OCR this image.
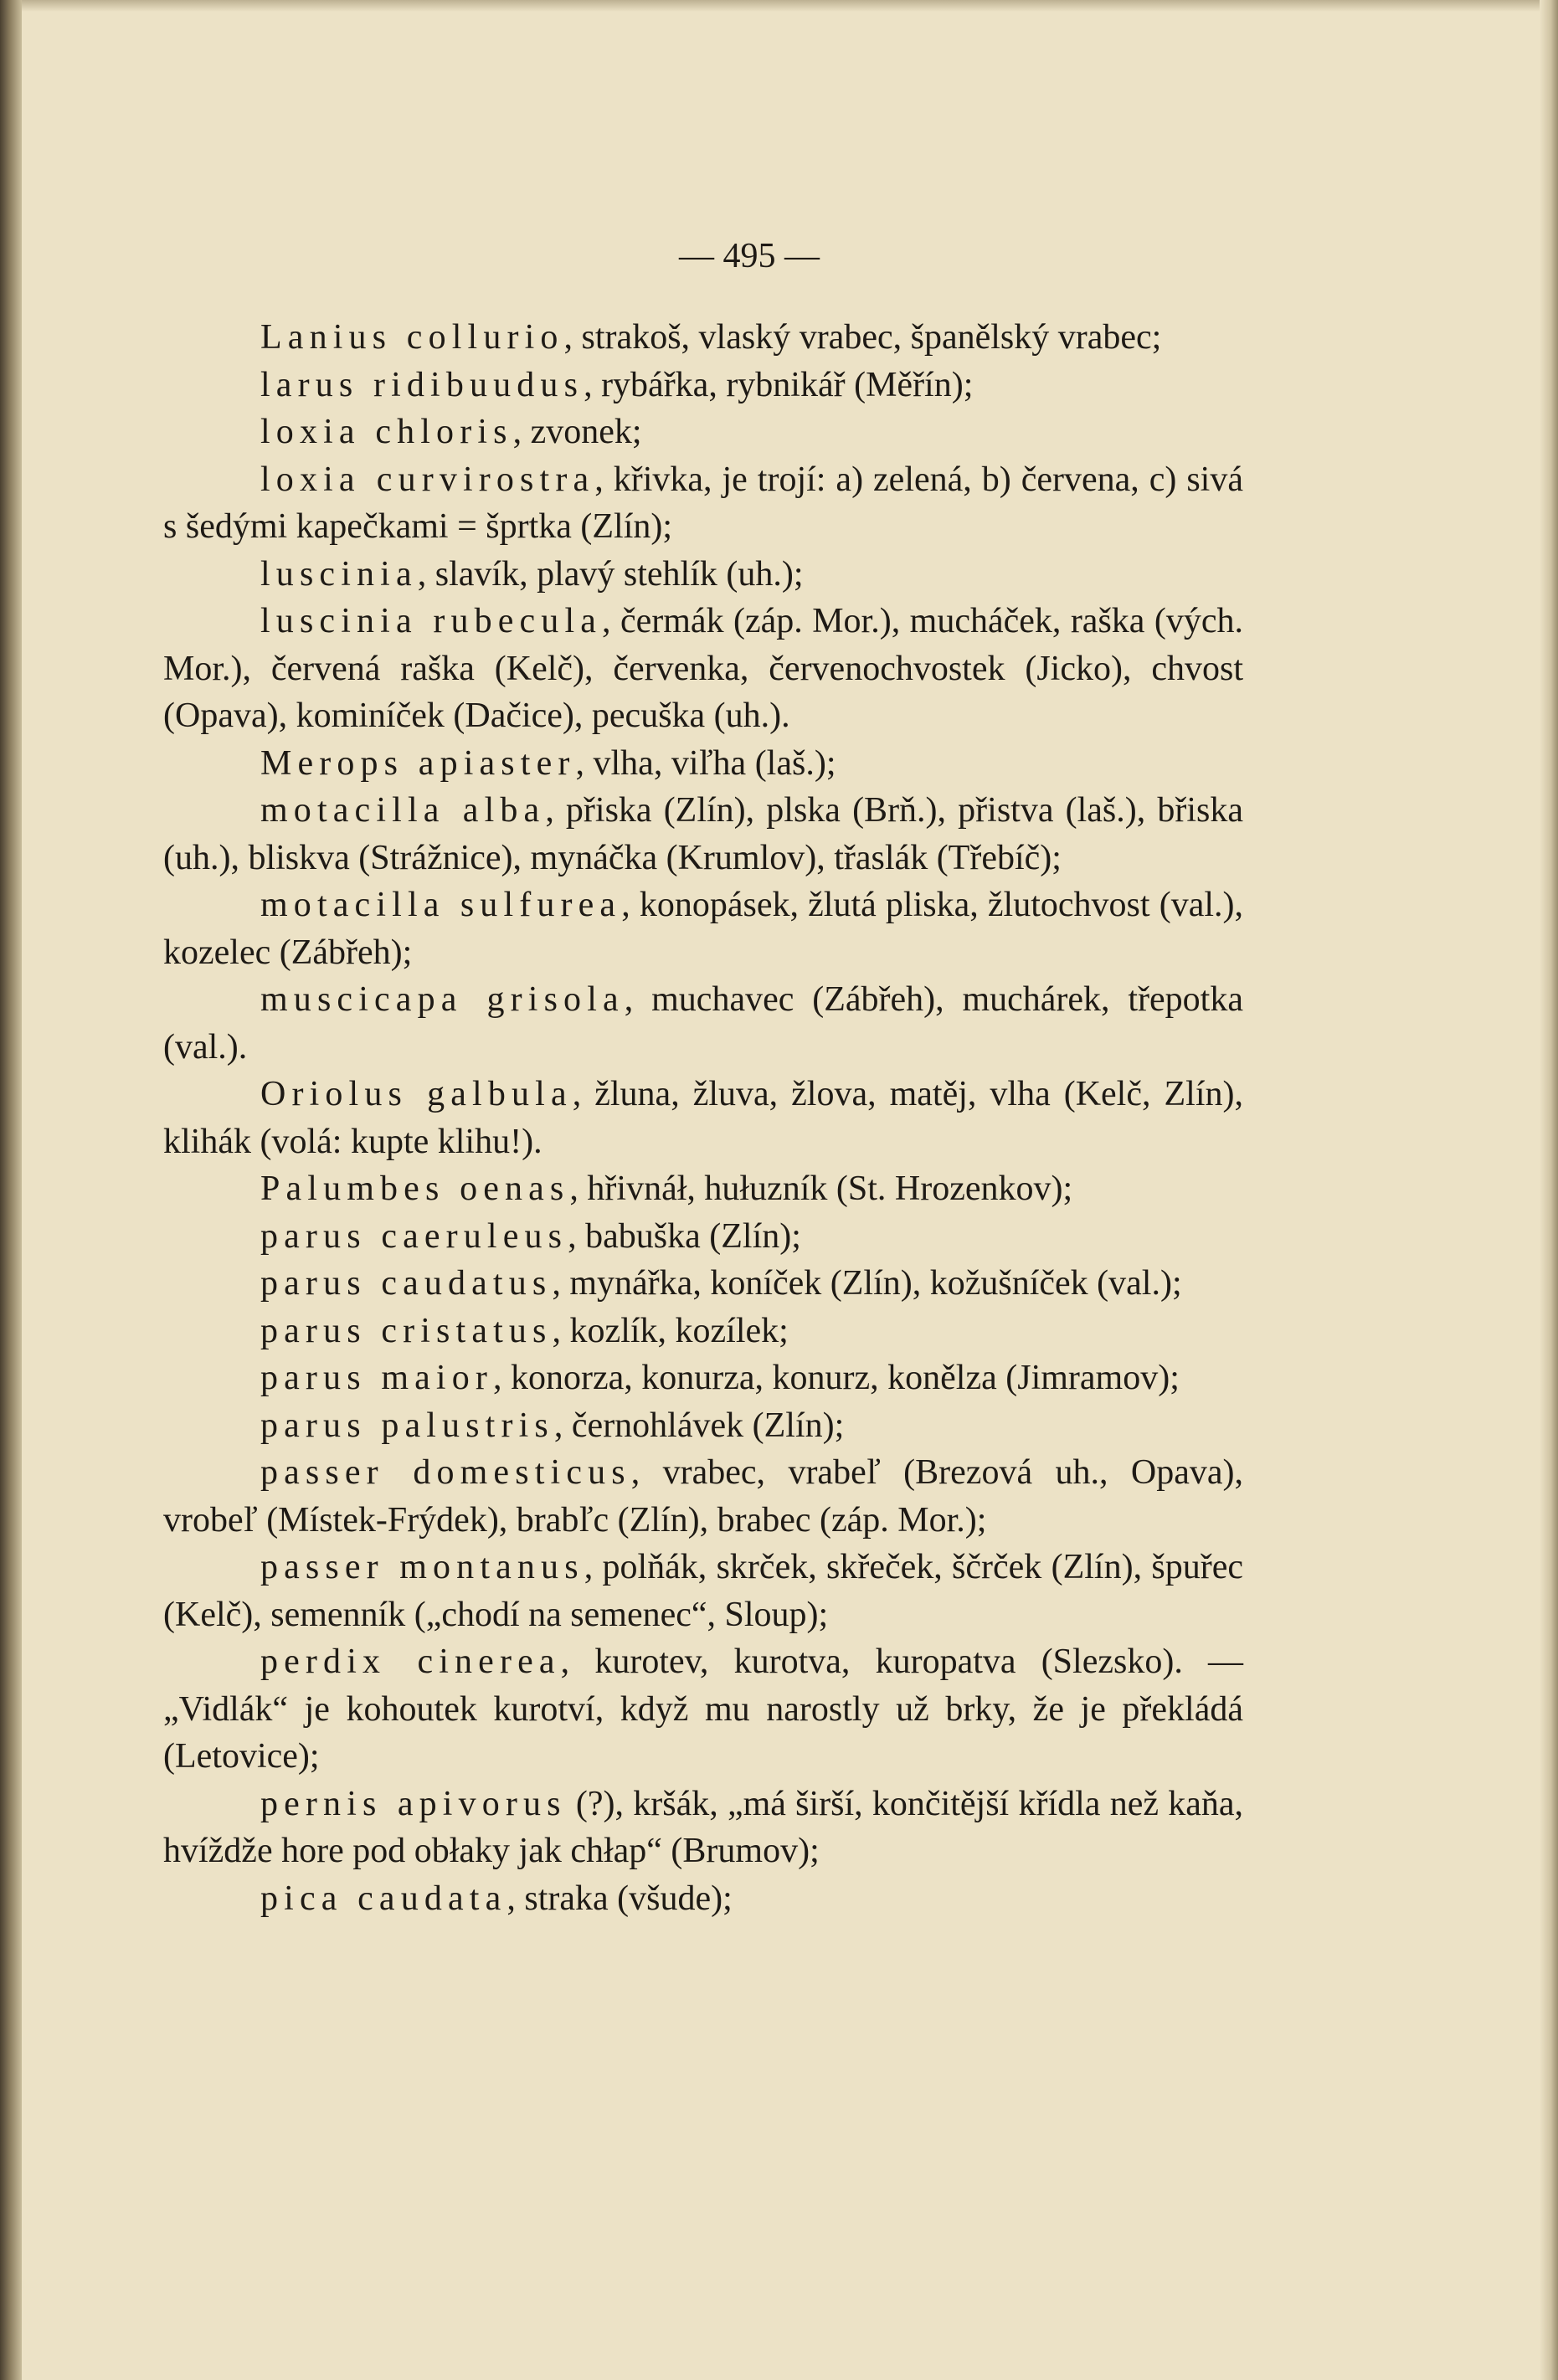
— 495 —

Lanius collurio, strakoš, vlaský vrabec, španělský vrabec;

larus ridibuudus, rybářka, rybnikář (Měřín);

loxia chloris, zvonek;

loxia curvirostra, křivka, je trojí: a) zelená, b) červena, c) sivá s šedými kapečkami = šprtka (Zlín);

luscinia, slavík, plavý stehlík (uh.);

luscinia rubecula, čermák (záp. Mor.), mucháček, raška (vých. Mor.), červená raška (Kelč), červenka, červenochvostek (Jicko), chvost (Opava), kominíček (Dačice), pecuška (uh.).

Merops apiaster, vlha, viľha (laš.);

motacilla alba, přiska (Zlín), plska (Brň.), přistva (laš.), břiska (uh.), bliskva (Strážnice), mynáčka (Krumlov), třaslák (Třebíč);

motacilla sulfurea, konopásek, žlutá pliska, žlutochvost (val.), kozelec (Zábřeh);

muscicapa grisola, muchavec (Zábřeh), muchárek, třepotka (val.).

Oriolus galbula, žluna, žluva, žlova, matěj, vlha (Kelč, Zlín), klihák (volá: kupte klihu!).

Palumbes oenas, hřivnáł, hułuzník (St. Hrozenkov);

parus caeruleus, babuška (Zlín);

parus caudatus, mynářka, koníček (Zlín), kožušníček (val.);

parus cristatus, kozlík, kozílek;

parus maior, konorza, konurza, konurz, konělza (Jimramov);

parus palustris, černohlávek (Zlín);

passer domesticus, vrabec, vrabeľ (Brezová uh., Opava), vrobeľ (Místek-Frýdek), brabľc (Zlín), brabec (záp. Mor.);

passer montanus, polňák, skrček, skřeček, ščrček (Zlín), špuřec (Kelč), semenník („chodí na semenec“, Sloup);

perdix cinerea, kurotev, kurotva, kuropatva (Slezsko). — „Vidlák“ je kohoutek kurotví, když mu narostly už brky, že je překládá (Letovice);

pernis apivorus (?), kršák, „má širší, končitější křídla než kaňa, hvíždže hore pod obłaky jak chłap“ (Brumov);

pica caudata, straka (všude);
